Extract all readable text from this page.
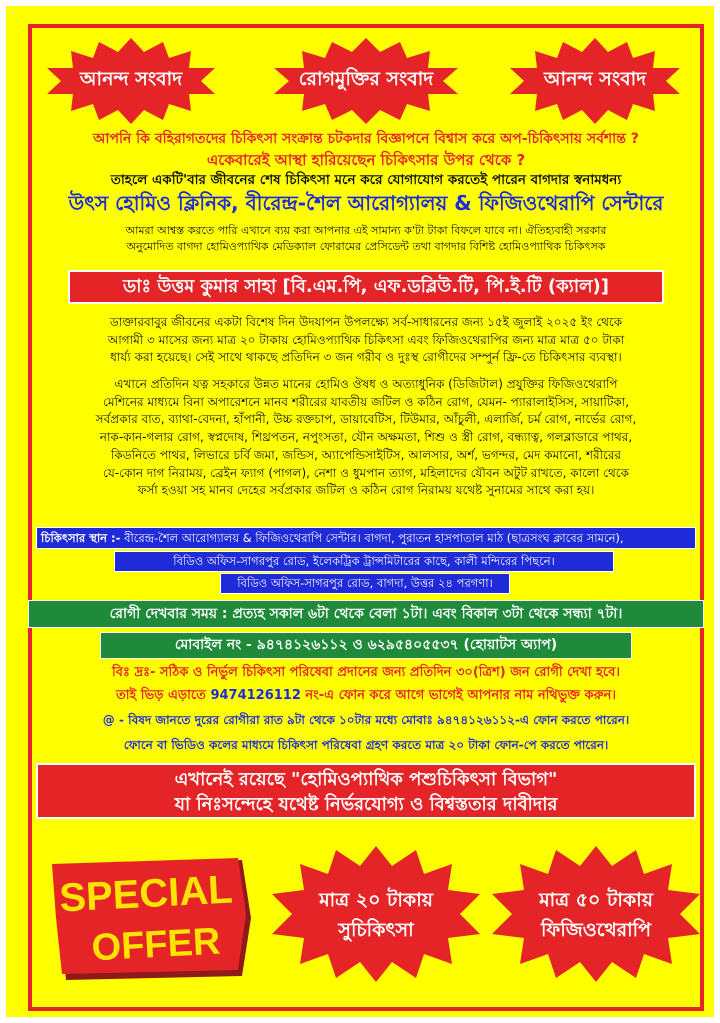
আনন্দ সংবাদ	রোগমুক্তির সংবাদ	আনন্দ সংবাদ
আপনি কি বহিরাগতদের চিকিৎসা সংক্রান্ত চটকদার বিজ্ঞাপনে বিশ্বাস করে অপ-চিকিৎসায় সর্বশান্ত ?
একেবারেই আস্থা হারিয়েছেন চিকিৎসার উপর থেকে ?
তাহলে একটি'বার জীবনের শেষ চিকিৎসা মনে করে যোগাযোগ করতেই পারেন বাগদার স্বনামধন্য
উৎস হোমিও ক্লিনিক, বীরেন্দ্র-শৈল আরোগ্যালয় & ফিজিওথেরাপি সেন্টারে
আমরা আশ্বস্ত করতে পারি এখানে ব্যয় করা আপনার এই সামান্য ক'টা টাকা বিফলে যাবে না। ঐতিহ্যবাহী সরকার
অনুমোদিত বাগদা হোমিওপ্যাথিক মেডিক্যাল ফোরামের প্রেসিডেন্ট তথা বাগদার বিশিষ্ট হোমিওপ্যাথিক চিকিৎসক
ডাঃ উত্তম কুমার সাহা [বি.এম.পি, এফ.ডব্লিউ.টি, পি.ই.টি (ক্যাল)]
ডাক্তারবাবুর জীবনের একটা বিশেষ দিন উদযাপন উপলক্ষ্যে সর্ব-সাধারনের জন্য ১৫ই জুলাই ২০২৫ ইং থেকে
আগামী ৩ মাসের জন্য মাত্র ২০ টাকায় হোমিওপ্যাথিক চিকিৎসা এবং ফিজিওথেরাপির জন্য মাত্র মাত্র ৫০ টাকা
ধার্য্য করা হয়েছে। সেই সাথে থাকছে প্রতিদিন ৩ জন গরীব ও দুঃস্থ রোগীদের সম্পুর্ন ফ্রি-তে চিকিৎসার ব্যবস্থা।
এখানে প্রতিদিন যত্ন সহকারে উন্নত মানের হোমিও ঔষধ ও অত্যাধুনিক (ডিজিটাল) প্রযুক্তির ফিজিওথেরাপি
মেশিনের মাধ্যমে বিনা অপারেশনে মানব শরীরের যাবতীয় জটিল ও কঠিন রোগ, যেমন- প্যারালাইসিস, সায়াটিকা,
সর্বপ্রকার বাত, ব্যাথা-বেদনা, হাঁপানী, উচ্চ রক্তচাপ, ডায়াবেটিস, টিউমার, আঁচুলী, এলার্জি, চর্ম রোগ, নার্ভের রোগ,
নাক-কান-গলার রোগ, স্বপ্নদোষ, শিথ্রপতন, নপুংসতা, যৌন অক্ষমতা, শিশু ও স্ত্রী রোগ, বন্ধ্যাত্ব, গলব্লাডারে পাথর,
কিডনিতে পাথর, লিভারে চর্বি জমা, জন্ডিস, অ্যাপেন্ডিসাইটিস, আলসার, অর্শ, ভগন্দর, মেদ কমানো, শরীরের
যে-কোন দাগ নিরাময়, ব্রেইন ফ্যাগ (পাগল), নেশা ও ধুমপান ত্যাগ, মহিলাদের যৌবন অটুট রাখতে, কালো থেকে
ফর্সা হওয়া সহ মানব দেহের সর্বপ্রকার জটিল ও কঠিন রোগ নিরাময় যথেষ্ট সুনামের সাথে করা হয়।
চিকিৎসার স্থান :- বীরেন্দ্র-শৈল আরোগ্যালয় & ফিজিওথেরাপি সেন্টার। বাগদা, পুরাতন হাসপাতাল মাঠ (ছাত্রসংঘ ক্লাবের সামনে),
বিডিও অফিস-সাগরপুর রোড, ইলেকট্রিক ট্রান্সমিটারের কাছে, কালী মন্দিরের পিছনে।
বিডিও অফিস-সাগরপুর রোড, বাগদা, উত্তর ২৪ পরগণা।
রোগী দেখবার সময় : প্রত্যহ সকাল ৬টা থেকে বেলা ১টা। এবং বিকাল ৩টা থেকে সন্ধ্যা ৭টা।
মোবাইল নং - ৯৪৭৪১২৬১১২ ও ৬২৯৫৪০৫৫৩৭ (হোয়াটস অ্যাপ)
বিঃ দ্রঃ- সঠিক ও নির্ভুল চিকিৎসা পরিষেবা প্রদানের জন্য প্রতিদিন ৩০(ত্রিশ) জন রোগী দেখা হবে।
তাই ভিড় এড়াতে 9474126112 নং-এ ফোন করে আগে ভাগেই আপনার নাম নথিভুক্ত করুন।
@ - বিষদ জানতে দুরের রোগীরা রাত ৯টা থেকে ১০টার মধ্যে মোবাঃ ৯৪৭৪১২৬১১২-এ ফোন করতে পারেন।
ফোনে বা ভিডিও কলের মাধ্যমে চিকিৎসা পরিষেবা গ্রহণ করতে মাত্র ২০ টাকা ফোন-পে করতে পারেন।
এখানেই রয়েছে "হোমিওপ্যাথিক পশুচিকিৎসা বিভাগ"
যা নিঃসন্দেহে যথেষ্ট নির্ভরযোগ্য ও বিশ্বস্ততার দাবীদার
SPECIAL
OFFER
মাত্র ২০ টাকায়
সুচিকিৎসা
মাত্র ৫০ টাকায়
ফিজিওথেরাপি
